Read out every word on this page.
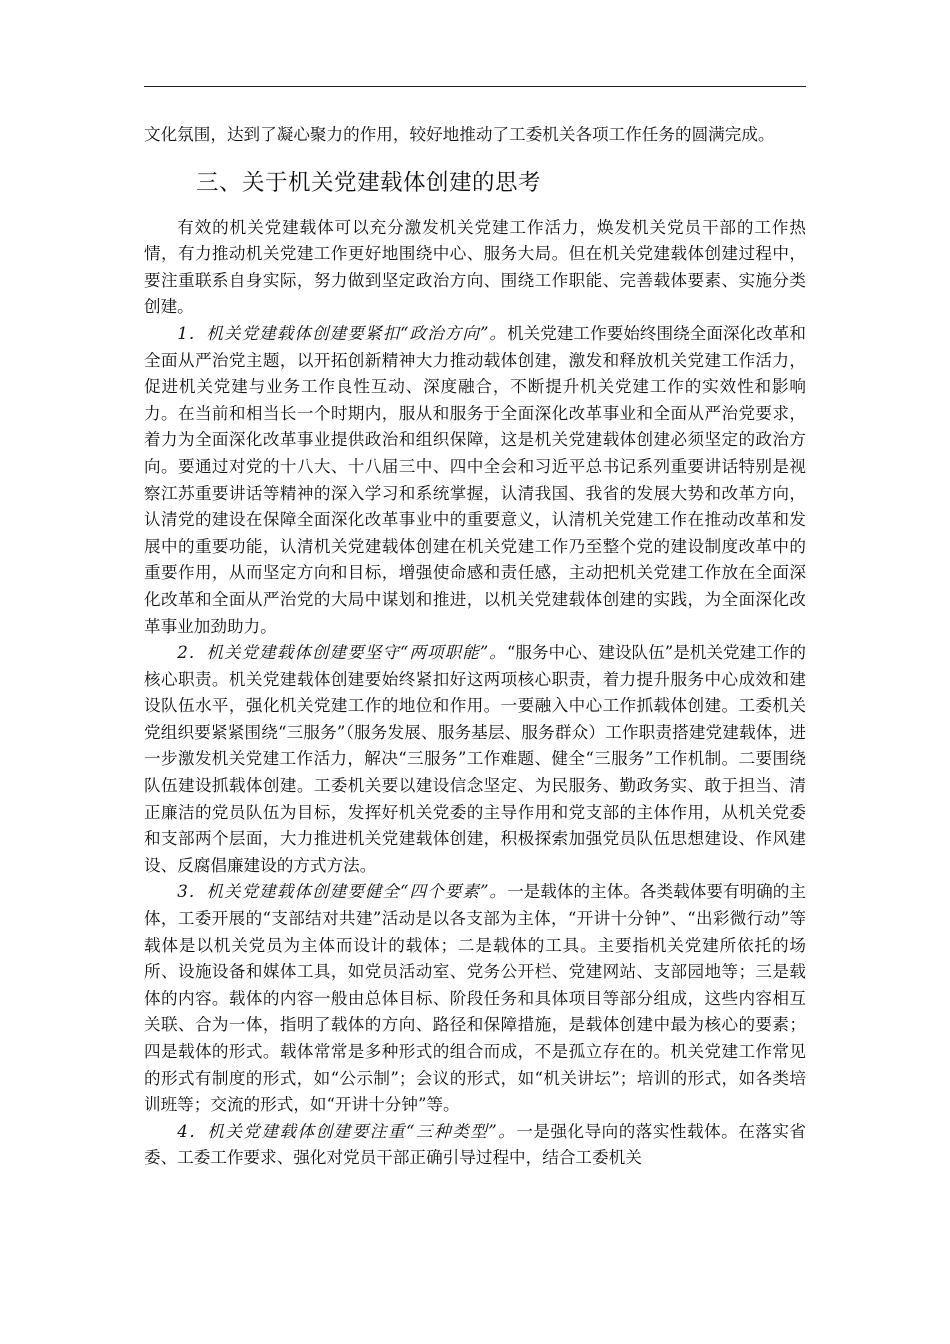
文化氛围，达到了凝心聚力的作用，较好地推动了工委机关各项工作任务的圆满完成。

三、关于机关党建载体创建的思考

有效的机关党建载体可以充分激发机关党建工作活力，焕发机关党员干部的工作热情，有力推动机关党建工作更好地围绕中心、服务大局。但在机关党建载体创建过程中，要注重联系自身实际，努力做到坚定政治方向、围绕工作职能、完善载体要素、实施分类创建。

1．机关党建载体创建要紧扣“政治方向”。机关党建工作要始终围绕全面深化改革和全面从严治党主题，以开拓创新精神大力推动载体创建，激发和释放机关党建工作活力，促进机关党建与业务工作良性互动、深度融合，不断提升机关党建工作的实效性和影响力。在当前和相当长一个时期内，服从和服务于全面深化改革事业和全面从严治党要求，着力为全面深化改革事业提供政治和组织保障，这是机关党建载体创建必须坚定的政治方向。要通过对党的十八大、十八届三中、四中全会和习近平总书记系列重要讲话特别是视察江苏重要讲话等精神的深入学习和系统掌握，认清我国、我省的发展大势和改革方向，认清党的建设在保障全面深化改革事业中的重要意义，认清机关党建工作在推动改革和发展中的重要功能，认清机关党建载体创建在机关党建工作乃至整个党的建设制度改革中的重要作用，从而坚定方向和目标，增强使命感和责任感，主动把机关党建工作放在全面深化改革和全面从严治党的大局中谋划和推进，以机关党建载体创建的实践，为全面深化改革事业加劲助力。

2．机关党建载体创建要坚守“两项职能”。“服务中心、建设队伍”是机关党建工作的核心职责。机关党建载体创建要始终紧扣好这两项核心职责，着力提升服务中心成效和建设队伍水平，强化机关党建工作的地位和作用。一要融入中心工作抓载体创建。工委机关党组织要紧紧围绕“三服务”（服务发展、服务基层、服务群众）工作职责搭建党建载体，进一步激发机关党建工作活力，解决“三服务”工作难题、健全“三服务”工作机制。二要围绕队伍建设抓载体创建。工委机关要以建设信念坚定、为民服务、勤政务实、敢于担当、清正廉洁的党员队伍为目标，发挥好机关党委的主导作用和党支部的主体作用，从机关党委和支部两个层面，大力推进机关党建载体创建，积极探索加强党员队伍思想建设、作风建设、反腐倡廉建设的方式方法。

3．机关党建载体创建要健全“四个要素”。一是载体的主体。各类载体要有明确的主体，工委开展的“支部结对共建”活动是以各支部为主体，“开讲十分钟”、“出彩微行动”等载体是以机关党员为主体而设计的载体；二是载体的工具。主要指机关党建所依托的场所、设施设备和媒体工具，如党员活动室、党务公开栏、党建网站、支部园地等；三是载体的内容。载体的内容一般由总体目标、阶段任务和具体项目等部分组成，这些内容相互关联、合为一体，指明了载体的方向、路径和保障措施，是载体创建中最为核心的要素；四是载体的形式。载体常常是多种形式的组合而成，不是孤立存在的。机关党建工作常见的形式有制度的形式，如“公示制”；会议的形式，如“机关讲坛”；培训的形式，如各类培训班等；交流的形式，如“开讲十分钟”等。

4．机关党建载体创建要注重“三种类型”。一是强化导向的落实性载体。在落实省委、工委工作要求、强化对党员干部正确引导过程中，结合工委机关
